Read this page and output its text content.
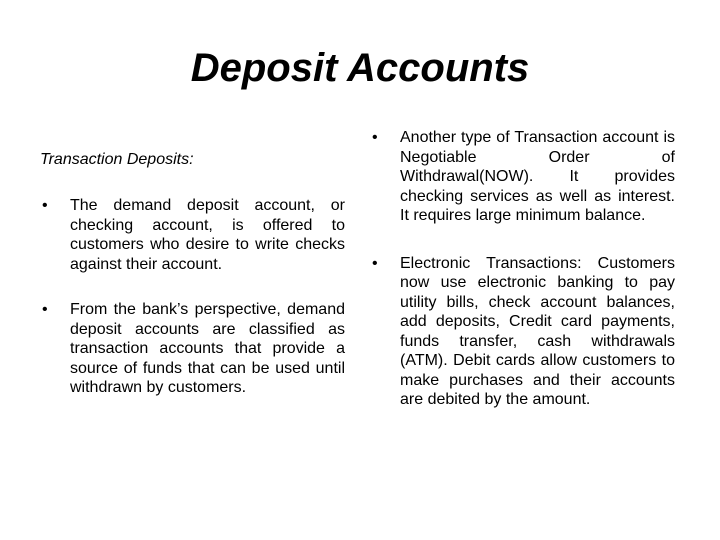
Deposit Accounts
Transaction Deposits:
• The demand deposit account, or checking account, is offered to customers who desire to write checks against their account.
• From the bank’s perspective, demand deposit accounts are classified as transaction accounts that provide a source of funds that can be used until withdrawn by customers.
• Another type of Transaction account is Negotiable Order of Withdrawal(NOW). It provides checking services as well as interest. It requires large minimum balance.
• Electronic Transactions: Customers now use electronic banking to pay utility bills, check account balances, add deposits, Credit card payments, funds transfer, cash withdrawals (ATM). Debit cards allow customers to make purchases and their accounts are debited by the amount.
